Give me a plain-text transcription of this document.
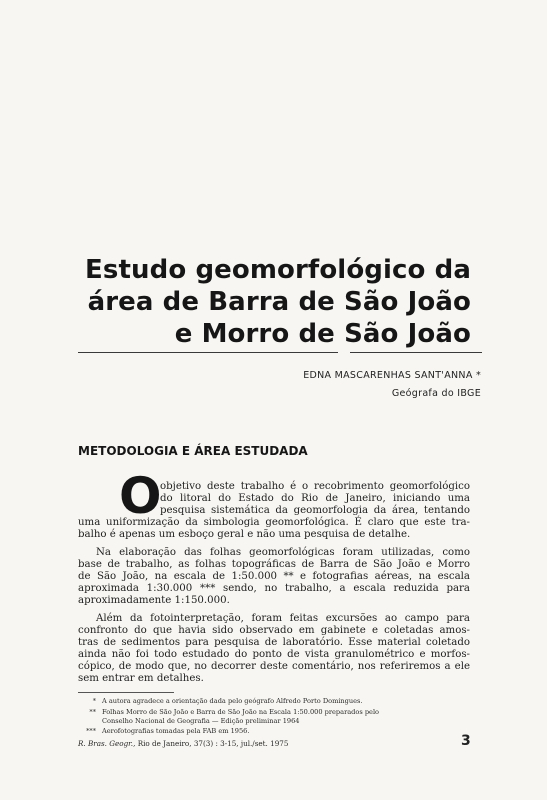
Estudo geomorfológico da
área de Barra de São João
e Morro de São João
EDNA MASCARENHAS SANT'ANNA *
Geógrafa do IBGE
METODOLOGIA E ÁREA ESTUDADA
O
objetivo deste trabalho é o recobrimento geomorfológico
do litoral do Estado do Rio de Janeiro, iniciando uma
pesquisa sistemática da geomorfologia da área, tentando
uma uniformização da simbologia geomorfológica. É claro que este tra-
balho é apenas um esboço geral e não uma pesquisa de detalhe.
Na elaboração das folhas geomorfológicas foram utilizadas, como
base de trabalho, as folhas topográficas de Barra de São João e Morro
de São João, na escala de 1:50.000 ** e fotografias aéreas, na escala
aproximada 1:30.000 *** sendo, no trabalho, a escala reduzida para
aproximadamente 1:150.000.
Além da fotointerpretação, foram feitas excursões ao campo para
confronto do que havia sido observado em gabinete e coletadas amos-
tras de sedimentos para pesquisa de laboratório. Esse material coletado
ainda não foi todo estudado do ponto de vista granulométrico e morfos-
cópico, de modo que, no decorrer deste comentário, nos referiremos a ele
sem entrar em detalhes.
* A autora agradece a orientação dada pelo geógrafo Alfredo Porto Domingues.
** Folhas Morro de São João e Barra de São João na Escala 1:50.000 preparados pelo
Conselho Nacional de Geografia — Edição preliminar 1964
*** Aerofotografias tomadas pela FAB em 1956.
R. Bras. Geogr., Rio de Janeiro, 37(3) : 3-15, jul./set. 1975	3
